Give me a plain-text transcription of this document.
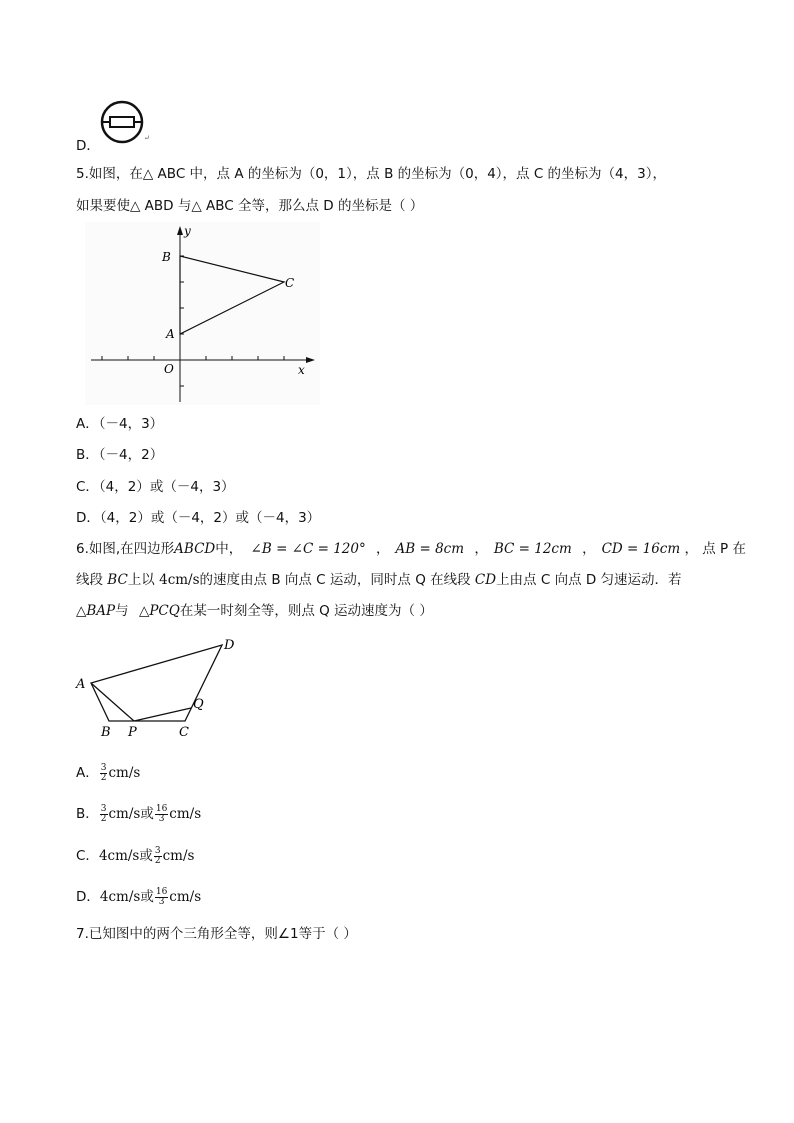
D．	↵
5.如图，在△ ABC 中，点 A 的坐标为（0，1），点 B 的坐标为（0，4），点 C 的坐标为（4，3），
如果要使△ ABD 与△ ABC 全等，那么点 D 的坐标是（ ）
y
x
O
A
B
C
A．（－4，3）
B．（－4，2）
C．（4，2）或（－4，3）
D．（4，2）或（－4，2）或（－4，3）
6.如图,在四边形ABCD中， ∠B = ∠C = 120° ， AB = 8cm ， BC = 12cm ， CD = 16cm ， 点 P 在
线段 BC上以 4cm/s的速度由点 B 向点 C 运动，同时点 Q 在线段 CD上由点 C 向点 D 匀速运动．若
△BAP与 △PCQ在某一时刻全等，则点 Q 运动速度为（ ）
A
B P	C
Q
D
A． $\frac{3}{2} cm/s$
B． $\frac{3}{2} cm/s$或 $\frac{16}{3} cm/s$
C．4cm/s或 $\frac{3}{2} cm/s$
D．4cm/s或 $\frac{16}{3} cm/s$
7.已知图中的两个三角形全等，则∠1等于（ ）
